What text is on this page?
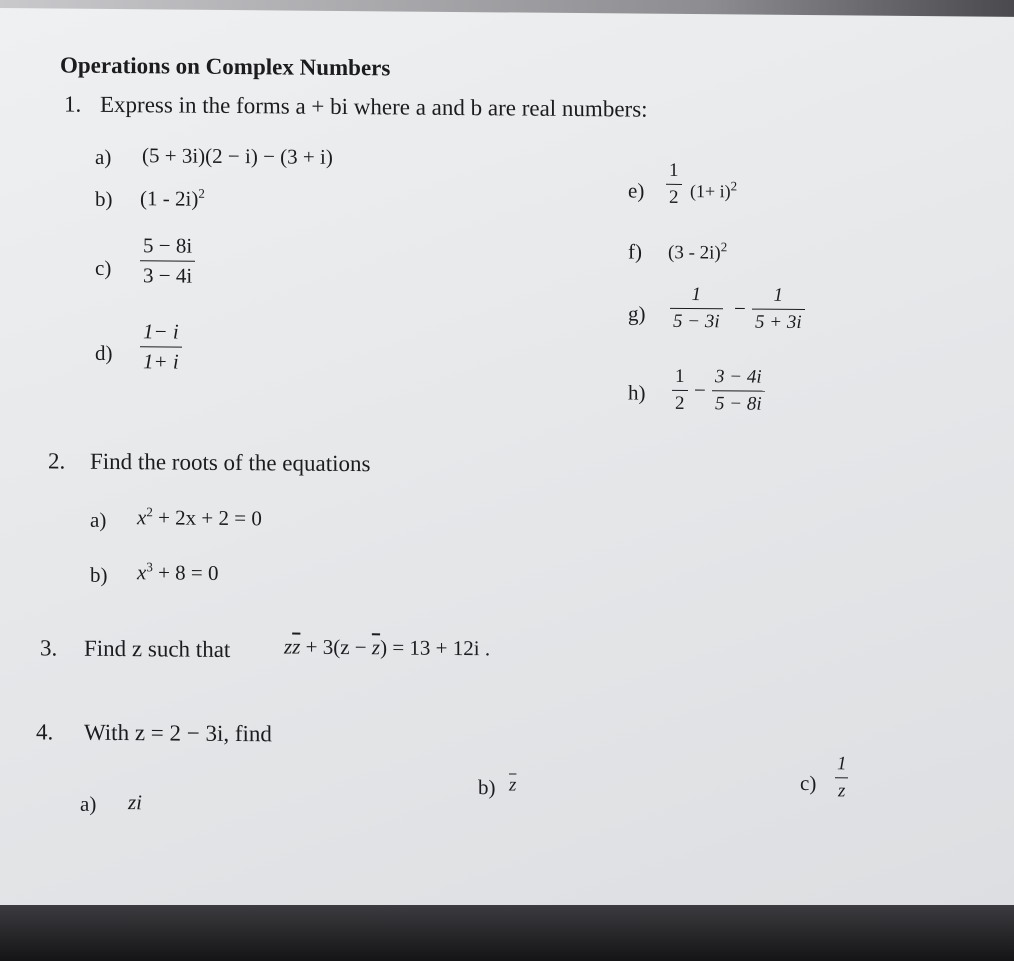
Operations on Complex Numbers
1. Express in the forms a + bi where a and b are real numbers:
a) (5 + 3i)(2 − i) − (3 + i)
b) (1 - 2i)$^2$
$c) \frac{5 - 8i}{3 - 4i}$
$d) \frac{1- i}{1+ i}$
$e) \frac{1}{2} (1+ i)^2$
f) (3 - 2i)$^2$
$g) \frac{1}{5 - 3i} - \frac{1}{5 + 3i}$
$h) \frac{1}{2} - \frac{3 - 4i}{5 - 8i}$
2. Find the roots of the equations
a) $x^2 + 2x + 2 = 0$
b) $x^3 + 8 = 0$
3. Find z such that	$z\overline{z} + 3(z - \overline{z}) = 13 + 12i$ .
4. With z = 2 − 3i, find
a) zi
b) $\overline{z}$	$c) \frac{1}{z}$
